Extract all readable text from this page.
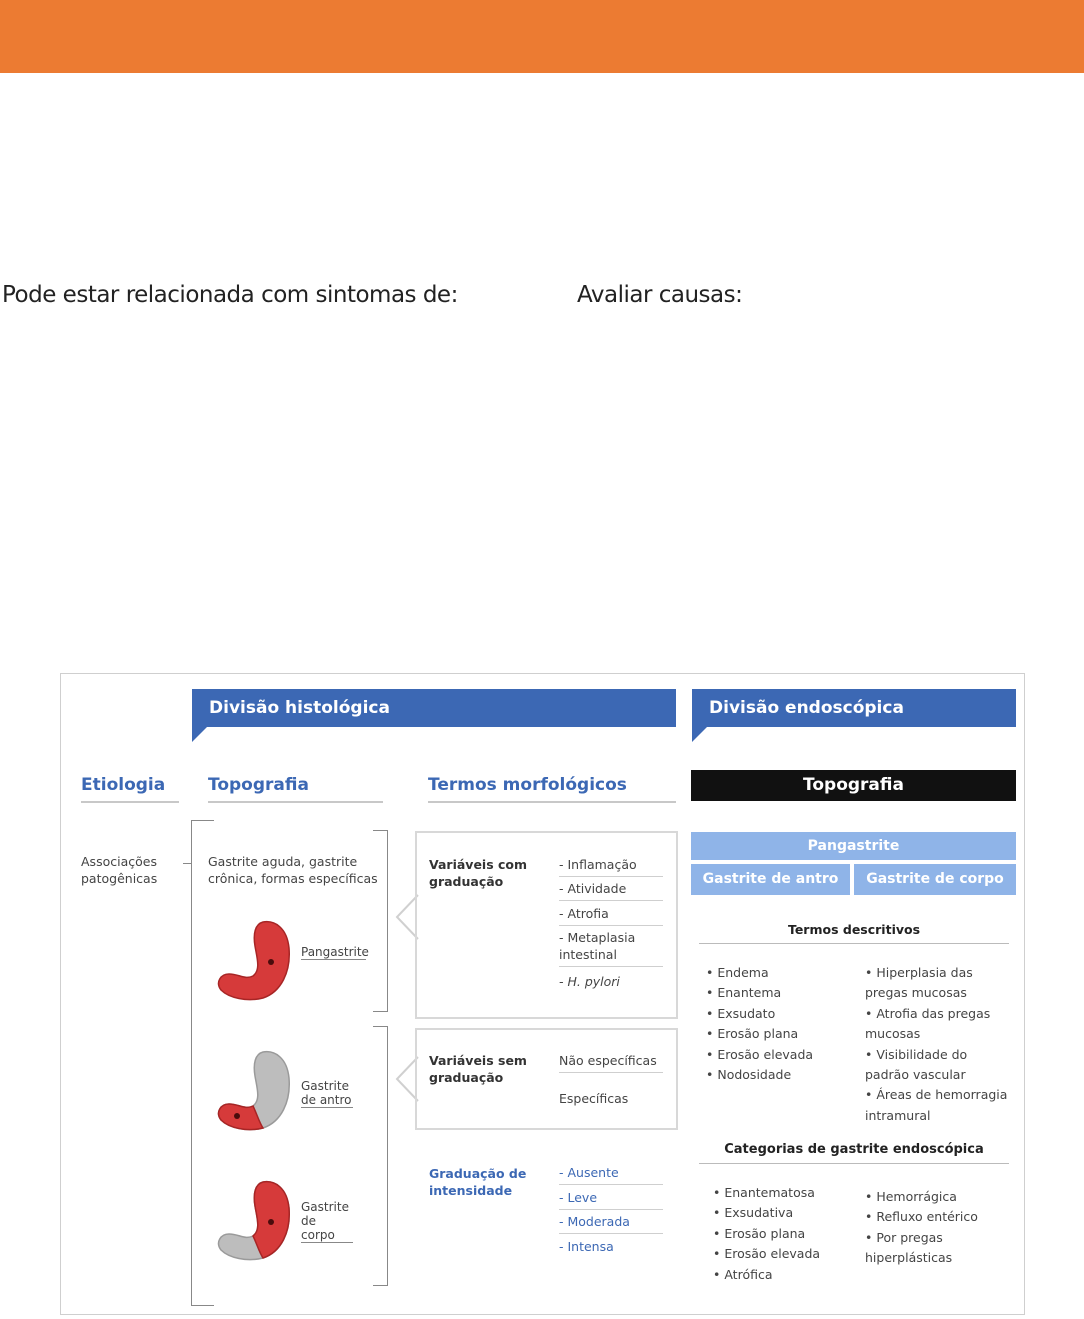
Pode estar relacionada com sintomas de:	Avaliar causas:
Divisão histológica	Divisão endoscópica
Etiologia	Topografia	Termos morfológicos	Topografia
Associações
patogênicas
Gastrite aguda, gastrite
crônica, formas específicas
Pangastrite
Gastrite
de antro
Gastrite
de corpo
Variáveis com
graduação
- Inflamação
- Atividade
- Atrofia
- Metaplasia intestinal
- H. pylori
Variáveis sem
graduação
Não específicas
Específicas
Graduação de
intensidade
- Ausente
- Leve
- Moderada
- Intensa
Pangastrite
Gastrite de antro	Gastrite de corpo
Termos descritivos
• Endema
• Enantema
• Exsudato
• Erosão plana
• Erosão elevada
• Nodosidade
• Hiperplasia das
pregas mucosas
• Atrofia das pregas
mucosas
• Visibilidade do
padrão vascular
• Áreas de hemorragia
intramural
Categorias de gastrite endoscópica
• Enantematosa
• Exsudativa
• Erosão plana
• Erosão elevada
• Atrófica
• Hemorrágica
• Refluxo entérico
• Por pregas
hiperplásticas
